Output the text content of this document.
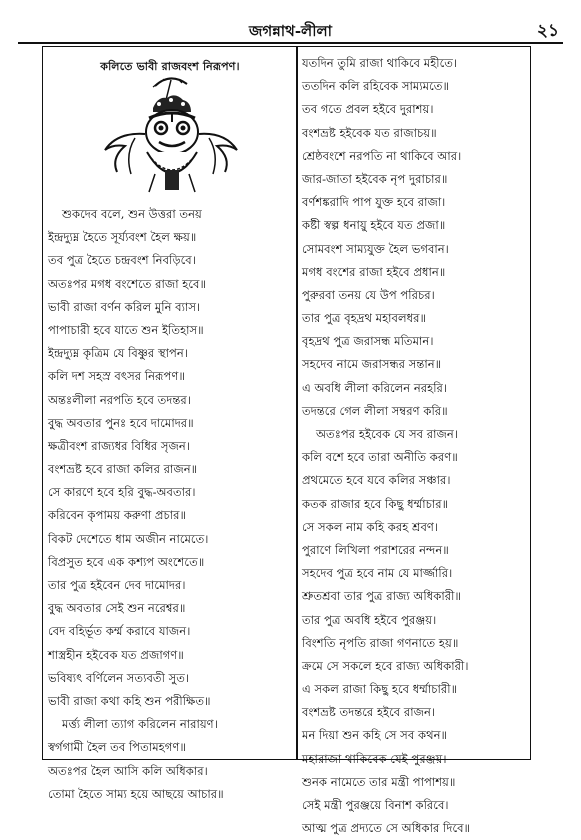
জগন্নাথ-লীলা	২১
কলিতে ভাবী রাজবংশ নিরূপণ।
শুকদেব বলে, শুন উত্তরা তনয়
ইন্দ্রদ্যুম্ন হৈতে সূর্য্যবংশ হৈল ক্ষয়॥
তব পুত্র হৈতে চন্দ্রবংশ নিবড়িবে।
অতঃপর মগধ বংশেতে রাজা হবে॥
ভাবী রাজা বর্ণন করিল মুনি ব্যাস।
পাপাচারী হবে যাতে শুন ইতিহাস॥
ইন্দ্রদ্যুম্ন কৃত্রিম যে বিষ্ণুর স্থাপন।
কলি দশ সহস্র বৎসর নিরূপণ॥
অন্তঃলীলা নরপতি হবে তদন্তর।
বুদ্ধ অবতার পুনঃ হবে দামোদর॥
ক্ষত্রীবংশ রাজ্যধর বিধির সৃজন।
বংশভ্রষ্ট হবে রাজা কলির রাজন॥
সে কারণে হবে হরি বুদ্ধ-অবতার।
করিবেন কৃপাময় করুণা প্রচার॥
বিকট দেশেতে ধাম অজীন নামেতে।
বিপ্রসুত হবে এক কশ্যপ অংশেতে॥
তার পুত্র হইবেন দেব দামোদর।
বুদ্ধ অবতার সেই শুন নরেশ্বর॥
বেদ বহির্ভূত কর্ম্ম করাবে যাজন।
শাস্ত্রহীন হইবেক যত প্রজাগণ॥
ভবিষ্যৎ বর্ণিলেন সত্যবতী সুত।
ভাবী রাজা কথা কহি শুন পরীক্ষিত॥
মর্ত্ত্য লীলা ত্যাগ করিলেন নারায়ণ।
স্বর্গগামী হৈল তব পিতামহগণ॥
অতঃপর হৈল আসি কলি অধিকার।
তোমা হৈতে সাম্য হয়ে আছয়ে আচার॥
যতদিন তুমি রাজা থাকিবে মহীতে।
ততদিন কলি রহিবেক সাম্যমতে॥
তব গতে প্রবল হইবে দুরাশয়।
বংশভ্রষ্ট হইবেক যত রাজাচয়॥
শ্রেষ্ঠবংশে নরপতি না থাকিবে আর।
জার-জাতা হইবেক নৃপ দুরাচার॥
বর্ণশঙ্করাদি পাপ যুক্ত হবে রাজা।
কষ্টী স্বল্প ধনায়ু হইবে যত প্রজা॥
সোমবংশ সাম্যযুক্ত হৈল ভগবান।
মগধ বংশের রাজা হইবে প্রধান॥
পুরুরবা তনয় যে উপ পরিচর।
তার পুত্র বৃহদ্রথ মহাবলধর॥
বৃহদ্রথ পুত্র জরাসন্ধ মতিমান।
সহদেব নামে জরাসন্ধর সন্তান॥
এ অবধি লীলা করিলেন নরহরি।
তদন্তরে গেল লীলা সম্বরণ করি॥
অতঃপর হইবেক যে সব রাজন।
কলি বশে হবে তারা অনীতি করণ॥
প্রথমেতে হবে যবে কলির সঞ্চার।
কতক রাজার হবে কিছু ধর্ম্মাচার॥
সে সকল নাম কহি করহ শ্রবণ।
পুরাণে লিখিলা পরাশরের নন্দন॥
সহদেব পুত্র হবে নাম যে মার্জ্জারি।
শ্রুতশ্রবা তার পুত্র রাজ্য অধিকারী॥
তার পুত্র অবধি হইবে পুরঞ্জয়।
বিংশতি নৃপতি রাজা গণনাতে হয়॥
ক্রমে সে সকলে হবে রাজ্য অধিকারী।
এ সকল রাজা কিছু হবে ধর্ম্মাচারী॥
বংশভ্রষ্ট তদন্তরে হইবে রাজন।
মন দিয়া শুন কহি সে সব কথন॥
মহারাজা থাকিবেক যেই পুরঞ্জয়।
শুনক নামেতে তার মন্ত্রী পাপাশয়॥
সেই মন্ত্রী পুরঞ্জয়ে বিনাশ করিবে।
আত্ম পুত্র প্রদ্যতে সে অধিকার দিবে॥
